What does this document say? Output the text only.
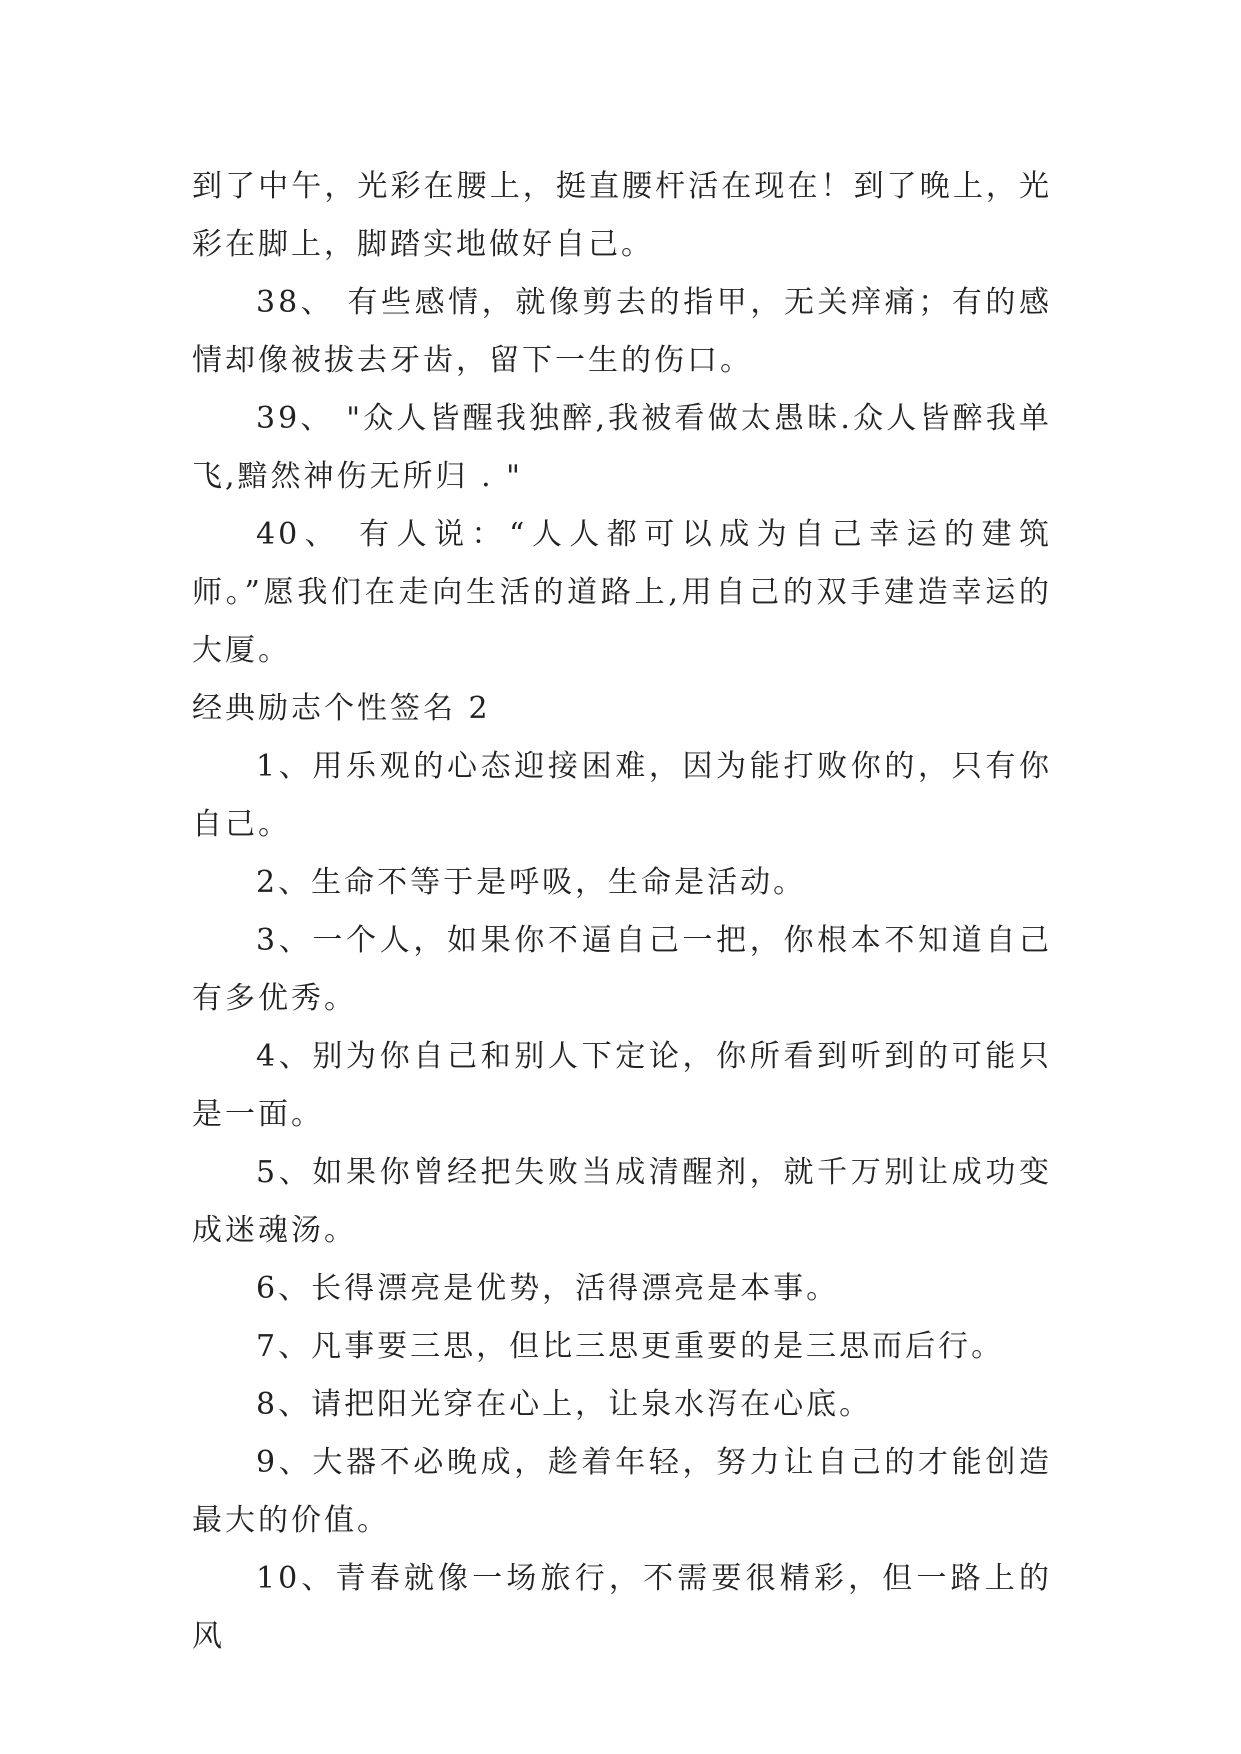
到了中午，光彩在腰上，挺直腰杆活在现在！到了晚上，光彩在脚上，脚踏实地做好自己。

38、 有些感情，就像剪去的指甲，无关痒痛；有的感情却像被拔去牙齿，留下一生的伤口。

39、 "众人皆醒我独醉,我被看做太愚昧.众人皆醉我单飞,黯然神伤无所归 . "

40、 有人说：“人人都可以成为自己幸运的建筑师。”愿我们在走向生活的道路上,用自己的双手建造幸运的大厦。

经典励志个性签名 2

1、用乐观的心态迎接困难，因为能打败你的，只有你自己。

2、生命不等于是呼吸，生命是活动。

3、一个人，如果你不逼自己一把，你根本不知道自己有多优秀。

4、别为你自己和别人下定论，你所看到听到的可能只是一面。

5、如果你曾经把失败当成清醒剂，就千万别让成功变成迷魂汤。

6、长得漂亮是优势，活得漂亮是本事。

7、凡事要三思，但比三思更重要的是三思而后行。

8、请把阳光穿在心上，让泉水泻在心底。

9、大器不必晚成，趁着年轻，努力让自己的才能创造最大的价值。

10、青春就像一场旅行，不需要很精彩，但一路上的风
